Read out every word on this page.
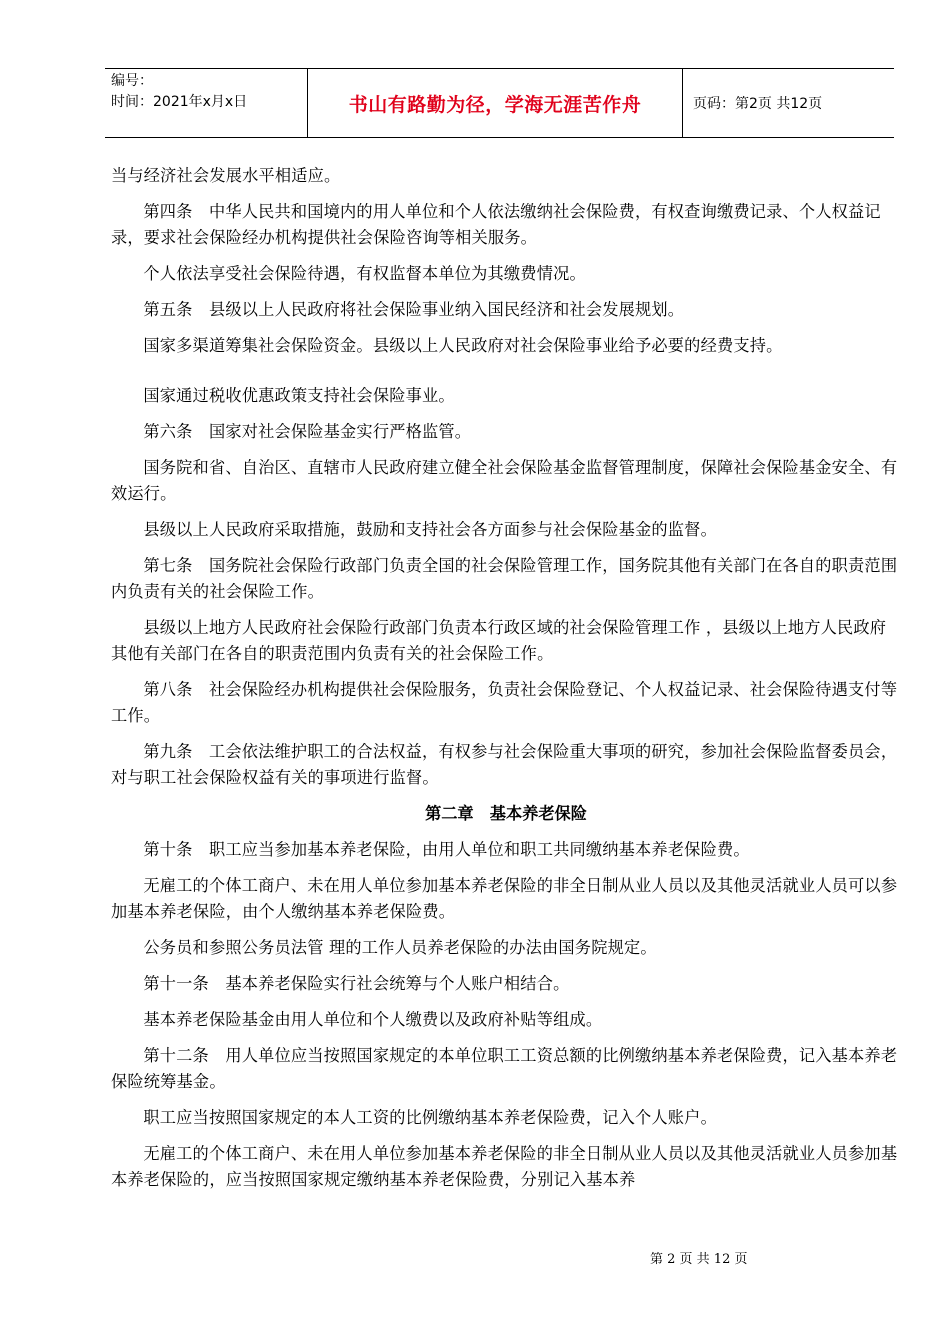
编号：
时间：2021年x月x日	书山有路勤为径，学海无涯苦作舟	页码：第2页 共12页

当与经济社会发展水平相适应。

第四条　中华人民共和国境内的用人单位和个人依法缴纳社会保险费，有权查询缴费记录、个人权益记录，要求社会保险经办机构提供社会保险咨询等相关服务。

个人依法享受社会保险待遇，有权监督本单位为其缴费情况。

第五条　县级以上人民政府将社会保险事业纳入国民经济和社会发展规划。

国家多渠道筹集社会保险资金。县级以上人民政府对社会保险事业给予必要的经费支持。

国家通过税收优惠政策支持社会保险事业。

第六条　国家对社会保险基金实行严格监管。

国务院和省、自治区、直辖市人民政府建立健全社会保险基金监督管理制度，保障社会保险基金安全、有效运行。

县级以上人民政府采取措施，鼓励和支持社会各方面参与社会保险基金的监督。

第七条　国务院社会保险行政部门负责全国的社会保险管理工作，国务院其他有关部门在各自的职责范围内负责有关的社会保险工作。

县级以上地方人民政府社会保险行政部门负责本行政区域的社会保险管理工作 ，县级以上地方人民政府其他有关部门在各自的职责范围内负责有关的社会保险工作。

第八条　社会保险经办机构提供社会保险服务，负责社会保险登记、个人权益记录、社会保险待遇支付等工作。

第九条　工会依法维护职工的合法权益，有权参与社会保险重大事项的研究，参加社会保险监督委员会，对与职工社会保险权益有关的事项进行监督。

第二章　基本养老保险

第十条　职工应当参加基本养老保险，由用人单位和职工共同缴纳基本养老保险费。

无雇工的个体工商户、未在用人单位参加基本养老保险的非全日制从业人员以及其他灵活就业人员可以参加基本养老保险，由个人缴纳基本养老保险费。

公务员和参照公务员法管 理的工作人员养老保险的办法由国务院规定。

第十一条　基本养老保险实行社会统筹与个人账户相结合。

基本养老保险基金由用人单位和个人缴费以及政府补贴等组成。

第十二条　用人单位应当按照国家规定的本单位职工工资总额的比例缴纳基本养老保险费，记入基本养老保险统筹基金。

职工应当按照国家规定的本人工资的比例缴纳基本养老保险费，记入个人账户。

无雇工的个体工商户、未在用人单位参加基本养老保险的非全日制从业人员以及其他灵活就业人员参加基本养老保险的，应当按照国家规定缴纳基本养老保险费，分别记入基本养

第 2 页 共 12 页
